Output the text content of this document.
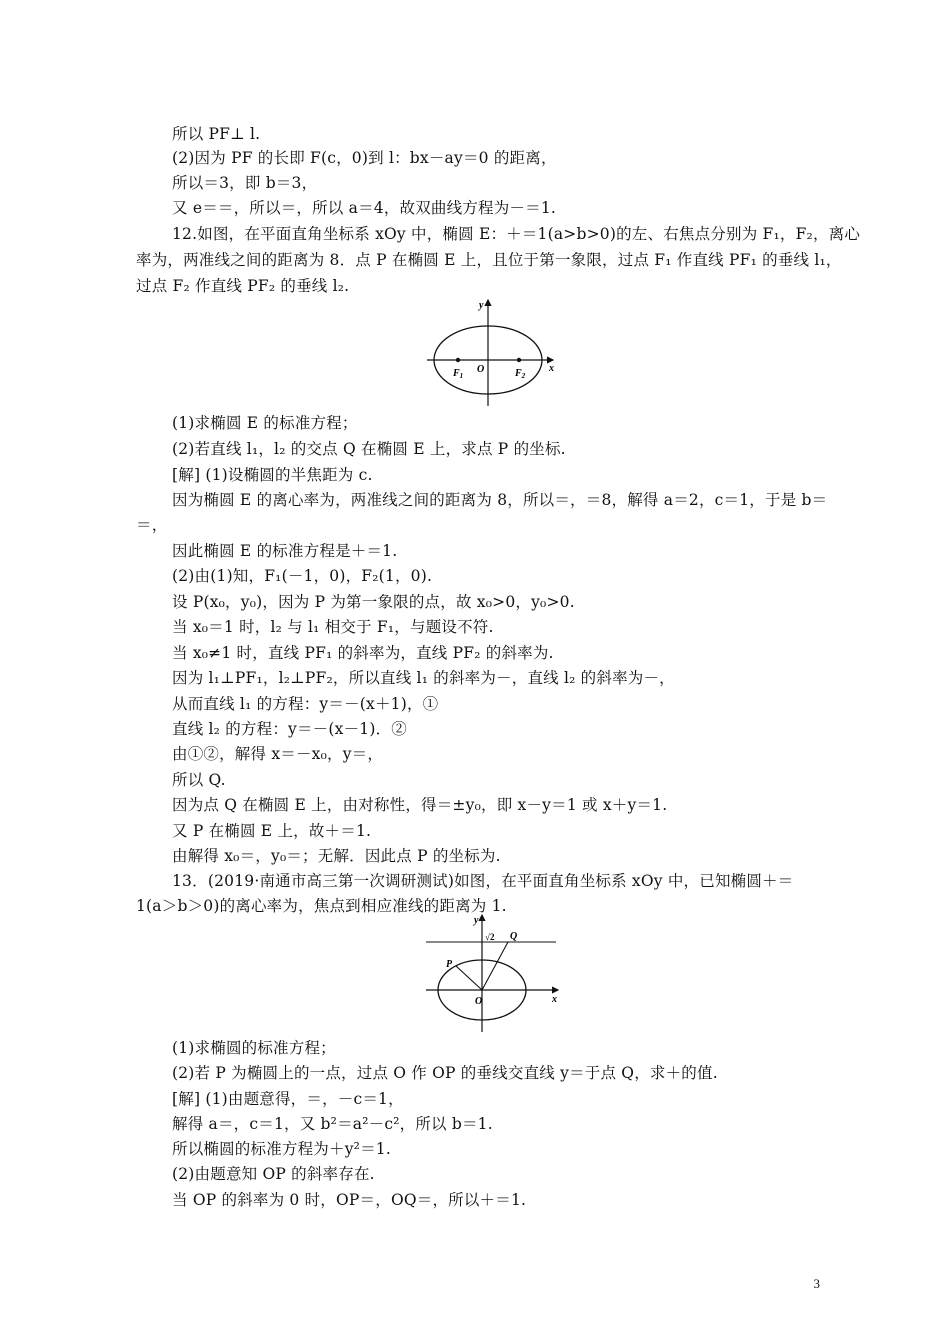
所以 PF⊥ l.
(2)因为 PF 的长即 F(c，0)到 l：bx－ay＝0 的距离，
所以＝3，即 b＝3，
又 e＝＝，所以＝，所以 a＝4，故双曲线方程为－＝1.
12.如图，在平面直角坐标系 xOy 中，椭圆 E：＋＝1(a>b>0)的左、右焦点分别为 F₁，F₂，离心
率为，两准线之间的距离为 8．点 P 在椭圆 E 上，且位于第一象限，过点 F₁ 作直线 PF₁ 的垂线 l₁，
过点 F₂ 作直线 PF₂ 的垂线 l₂.
(1)求椭圆 E 的标准方程；
(2)若直线 l₁，l₂ 的交点 Q 在椭圆 E 上，求点 P 的坐标.
[解] (1)设椭圆的半焦距为 c.
因为椭圆 E 的离心率为，两准线之间的距离为 8，所以＝，＝8，解得 a＝2，c＝1，于是 b＝
＝，
因此椭圆 E 的标准方程是＋＝1.
(2)由(1)知，F₁(－1，0)，F₂(1，0).
设 P(x₀，y₀)，因为 P 为第一象限的点，故 x₀>0，y₀>0.
当 x₀＝1 时，l₂ 与 l₁ 相交于 F₁，与题设不符.
当 x₀≠1 时，直线 PF₁ 的斜率为，直线 PF₂ 的斜率为.
因为 l₁⊥PF₁，l₂⊥PF₂，所以直线 l₁ 的斜率为－，直线 l₂ 的斜率为－，
从而直线 l₁ 的方程：y＝－(x＋1)，①
直线 l₂ 的方程：y＝－(x－1)．②
由①②，解得 x＝－x₀，y＝，
所以 Q.
因为点 Q 在椭圆 E 上，由对称性，得＝±y₀，即 x－y＝1 或 x＋y＝1.
又 P 在椭圆 E 上，故＋＝1.
由解得 x₀＝，y₀＝；无解．因此点 P 的坐标为.
13．(2019·南通市高三第一次调研测试)如图，在平面直角坐标系 xOy 中，已知椭圆＋＝
1(a＞b＞0)的离心率为，焦点到相应准线的距离为 1.
(1)求椭圆的标准方程；
(2)若 P 为椭圆上的一点，过点 O 作 OP 的垂线交直线 y＝于点 Q，求＋的值.
[解] (1)由题意得，＝，－c＝1，
解得 a＝，c＝1，又 b²＝a²－c²，所以 b＝1.
所以椭圆的标准方程为＋y²＝1.
(2)由题意知 OP 的斜率存在.
当 OP 的斜率为 0 时，OP＝，OQ＝，所以＋＝1.
y
x
O
$F_1$	$F_2$
y
x
O
P
Q
√2
3
